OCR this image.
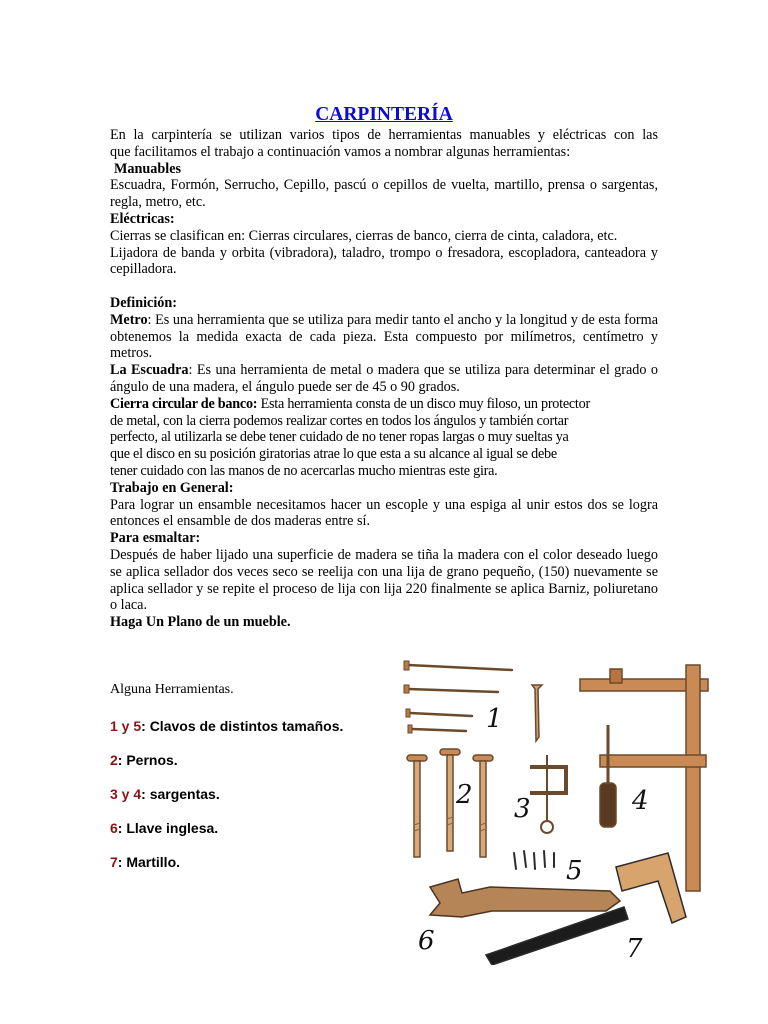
CARPINTERÍA

En la carpintería se utilizan varios tipos de herramientas manuables y eléctricas con las

que facilitamos el trabajo a continuación vamos a nombrar algunas herramientas:

Manuables

Escuadra, Formón, Serrucho, Cepillo, pascú o cepillos de vuelta, martillo, prensa o sargentas, regla, metro, etc.

Eléctricas:

Cierras se clasifican en: Cierras circulares, cierras de banco, cierra de cinta, caladora, etc.

Lijadora de banda y orbita (vibradora), taladro, trompo o fresadora, escopladora, canteadora y cepilladora.

Definición:

Metro: Es una herramienta que se utiliza para medir tanto el ancho y la longitud y de esta forma obtenemos la medida exacta de cada pieza. Esta compuesto por milímetros, centímetro y metros.

La Escuadra: Es una herramienta de metal o madera que se utiliza para determinar el grado o ángulo de una madera, el ángulo puede ser de 45 o 90 grados.

Cierra circular de banco: Esta herramienta consta de un disco muy filoso, un protector

de metal, con la cierra podemos realizar cortes en todos los ángulos y también cortar

perfecto, al utilizarla se debe tener cuidado de no tener ropas largas o muy sueltas ya

que el disco en su posición giratorias atrae lo que esta a su alcance al igual se debe

tener cuidado con las manos de no acercarlas mucho mientras este gira.

Trabajo en General:

Para lograr un ensamble necesitamos hacer un escople y una espiga al unir estos dos se logra entonces el ensamble de dos maderas entre sí.

Para esmaltar:

Después de haber lijado una superficie de madera se tiña la madera con el color deseado luego se aplica sellador dos veces seco se reelija con una lija de grano pequeño, (150) nuevamente se aplica sellador y se repite el proceso de lija con lija 220 finalmente se aplica Barniz, poliuretano o laca.

Haga Un Plano de un mueble.

Alguna Herramientas.

1 y 5: Clavos de distintos tamaños.

2: Pernos.

3 y 4: sargentas.

6: Llave inglesa.

7: Martillo.

1
2 3	4
5
6	7
